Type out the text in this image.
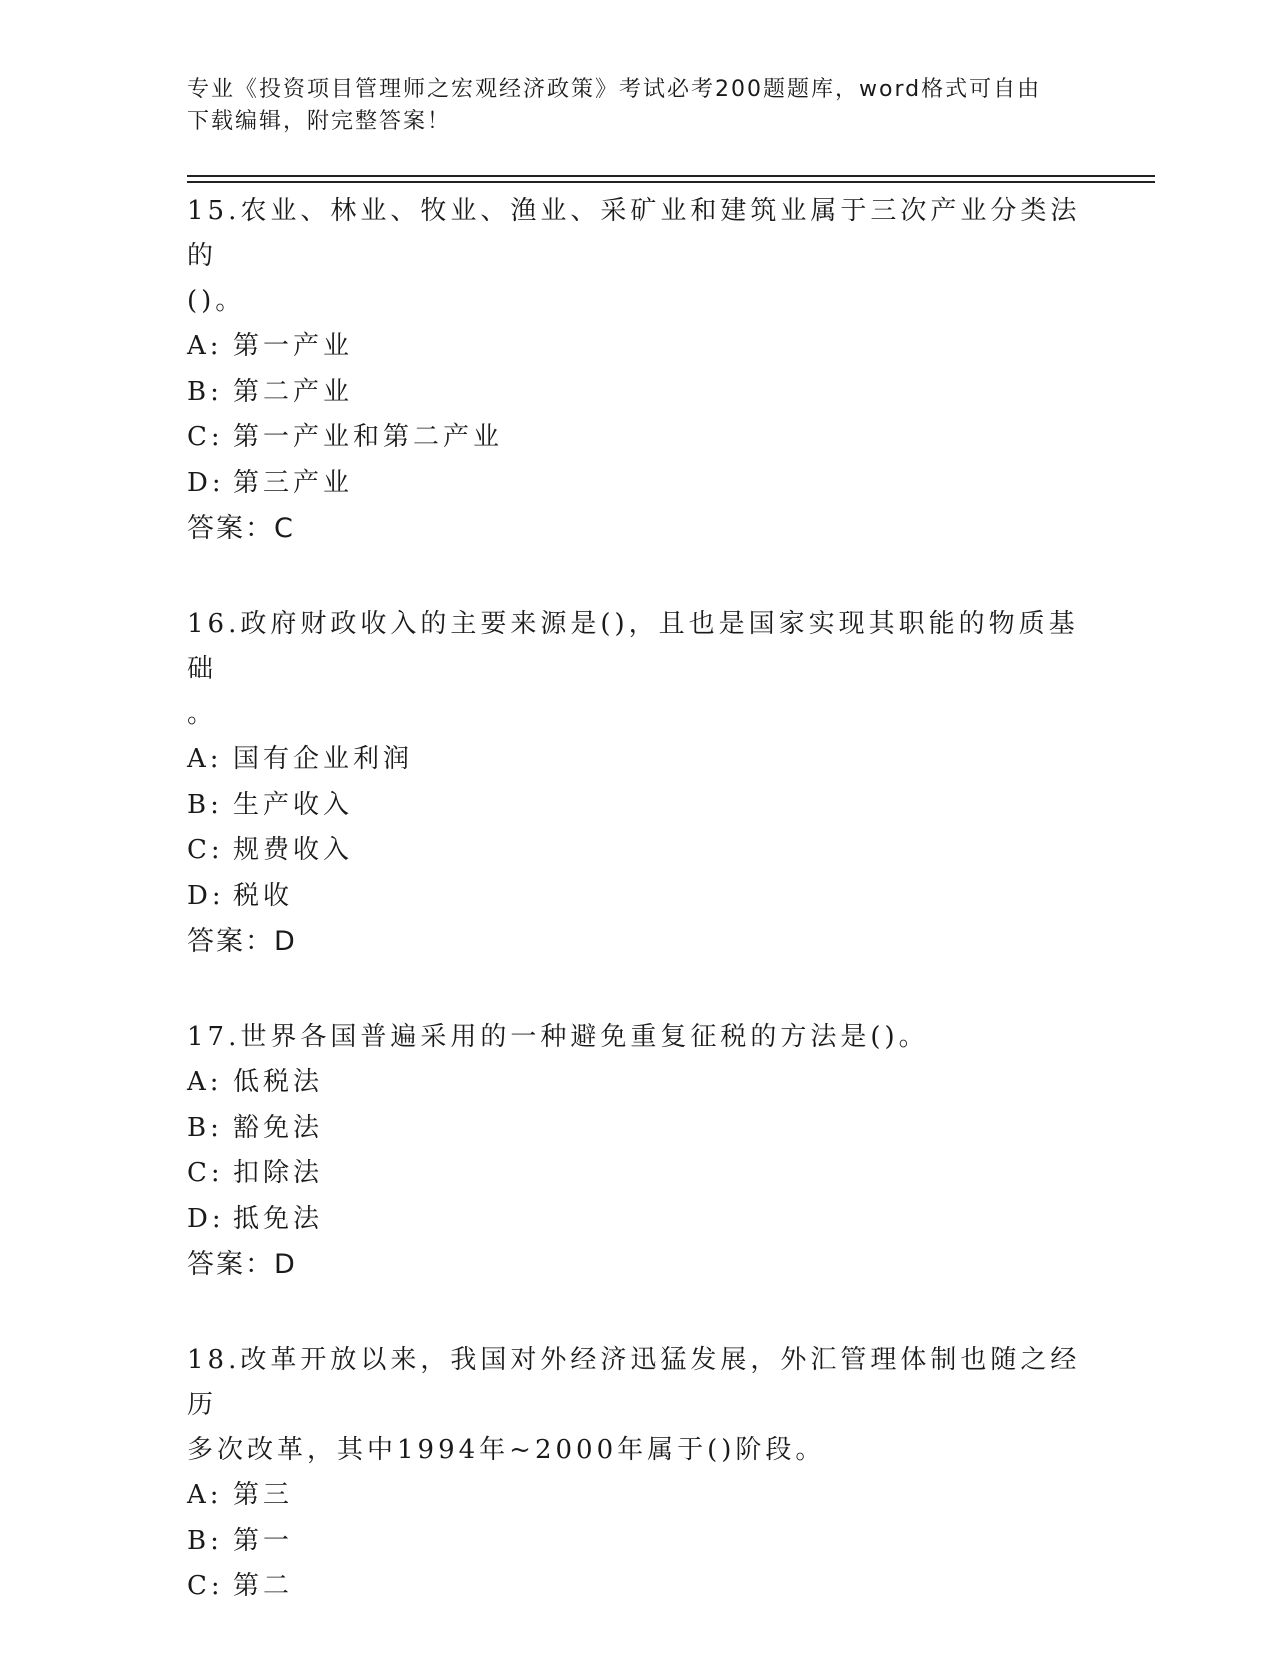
专业《投资项目管理师之宏观经济政策》考试必考200题题库，word格式可自由
下载编辑，附完整答案！

15.农业、林业、牧业、渔业、采矿业和建筑业属于三次产业分类法的

()。

A: 第一产业

B: 第二产业

C: 第一产业和第二产业

D: 第三产业

答案：C

16.政府财政收入的主要来源是()，且也是国家实现其职能的物质基础

。

A: 国有企业利润

B: 生产收入

C: 规费收入

D: 税收

答案：D

17.世界各国普遍采用的一种避免重复征税的方法是()。

A: 低税法

B: 豁免法

C: 扣除法

D: 抵免法

答案：D

18.改革开放以来，我国对外经济迅猛发展，外汇管理体制也随之经历

多次改革，其中1994年~2000年属于()阶段。

A: 第三

B: 第一

C: 第二
